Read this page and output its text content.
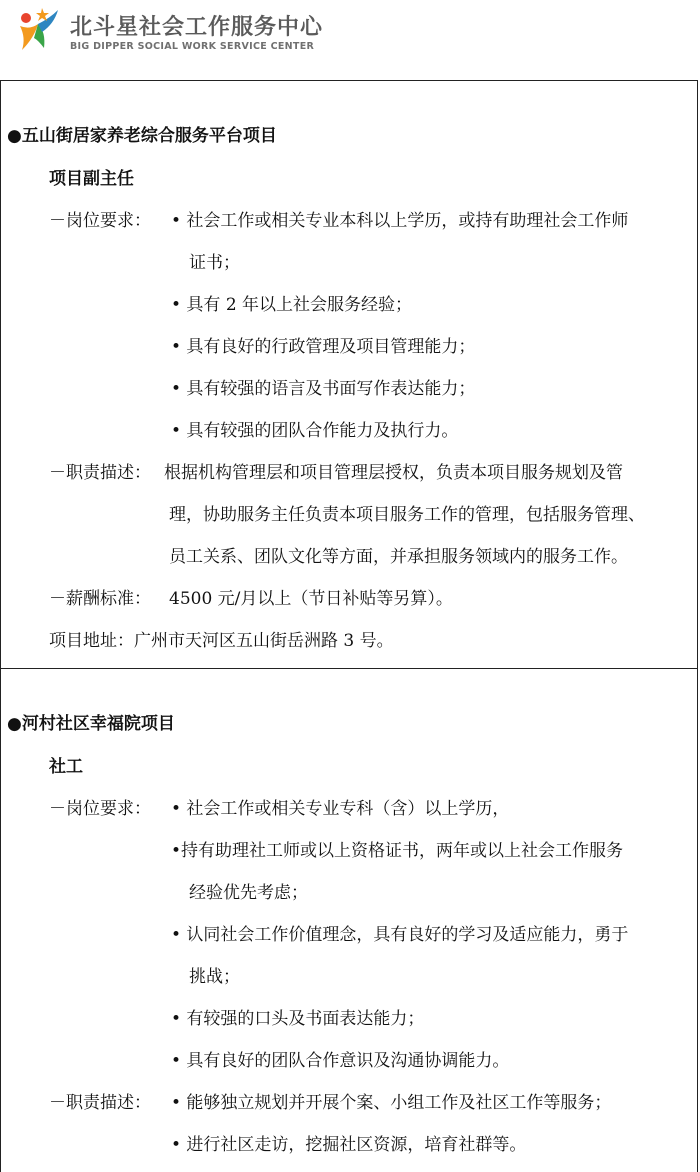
北斗星社会工作服务中心
BIG DIPPER SOCIAL WORK SERVICE CENTER
●五山街居家养老综合服务平台项目
项目副主任
－岗位要求： • 社会工作或相关专业本科以上学历，或持有助理社会工作师
证书；
• 具有 2 年以上社会服务经验；
• 具有良好的行政管理及项目管理能力；
• 具有较强的语言及书面写作表达能力；
• 具有较强的团队合作能力及执行力。
－职责描述： 根据机构管理层和项目管理层授权，负责本项目服务规划及管
理，协助服务主任负责本项目服务工作的管理，包括服务管理、
员工关系、团队文化等方面，并承担服务领域内的服务工作。
－薪酬标准： 4500 元/月以上（节日补贴等另算）。
项目地址：广州市天河区五山街岳洲路 3 号。
●河村社区幸福院项目
社工
－岗位要求： • 社会工作或相关专业专科（含）以上学历，
•持有助理社工师或以上资格证书，两年或以上社会工作服务
经验优先考虑；
• 认同社会工作价值理念，具有良好的学习及适应能力，勇于
挑战；
• 有较强的口头及书面表达能力；
• 具有良好的团队合作意识及沟通协调能力。
－职责描述： • 能够独立规划并开展个案、小组工作及社区工作等服务；
• 进行社区走访，挖掘社区资源，培育社群等。
